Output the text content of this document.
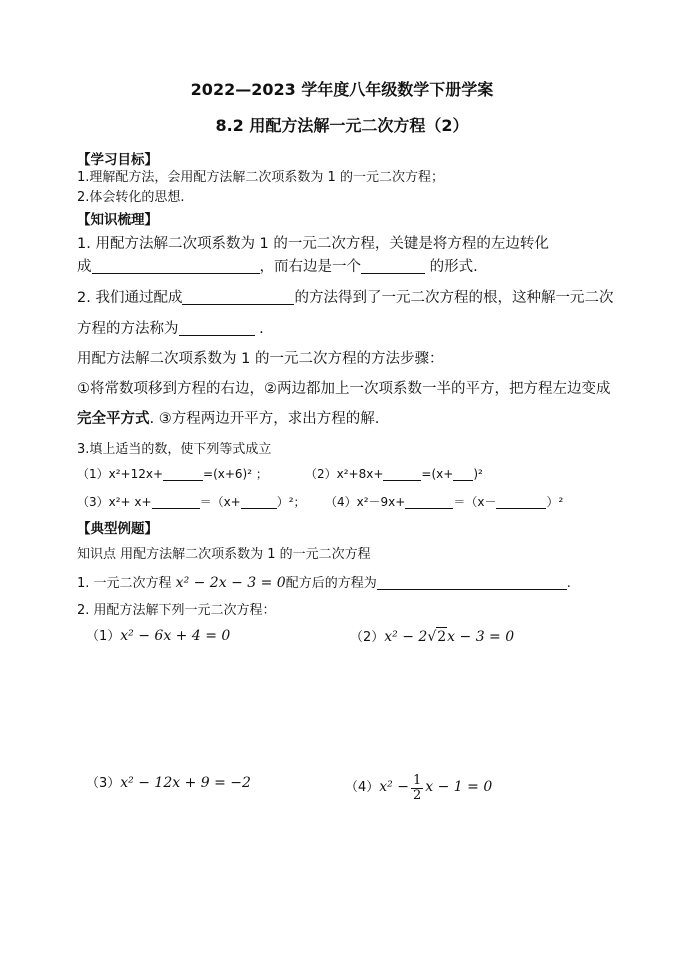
2022—2023 学年度八年级数学下册学案
8.2 用配方法解一元二次方程（2）
【学习目标】
1.理解配方法，会用配方法解二次项系数为 1 的一元二次方程；
2.体会转化的思想.
【知识梳理】
1. 用配方法解二次项系数为 1 的一元二次方程，关键是将方程的左边转化
成	，而右边是一个	的形式.
2. 我们通过配成	的方法得到了一元二次方程的根，这种解一元二次
方程的方法称为	.
用配方法解二次项系数为 1 的一元二次方程的方法步骤：
①将常数项移到方程的右边，②两边都加上一次项系数一半的平方，把方程左边变成
完全平方式. ③方程两边开平方，求出方程的解.
3.填上适当的数，使下列等式成立
（1）x²+12x+	=(x+6)² ；	（2）x²+8x+	=(x+ )²
（3）x²+ x+	＝（x+	）²； （4）x²－9x+	＝（x－	）²
【典型例题】
知识点 用配方法解二次项系数为 1 的一元二次方程
1. 一元二次方程 x² − 2x − 3 = 0配方后的方程为	.
2. 用配方法解下列一元二次方程：
（1）x² − 6x + 4 = 0	（2）x² − 2√2x − 3 = 0
（3）x² − 12x + 9 = −2	$(4)x^2 - \frac{1}{2}$ x − 1 = 0
